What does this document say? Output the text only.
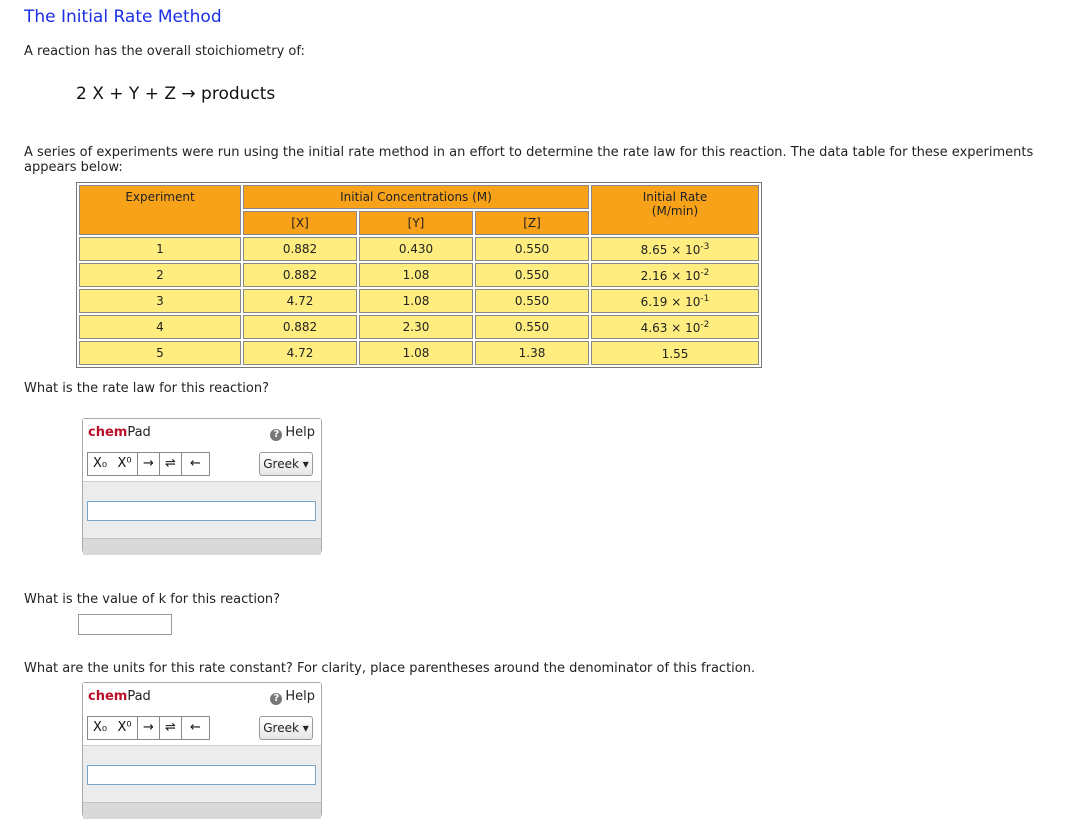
The Initial Rate Method
A reaction has the overall stoichiometry of:
2 X + Y + Z → products
A series of experiments were run using the initial rate method in an effort to determine the rate law for this reaction. The data table for these experiments appears below:
Experiment	Initial Concentrations (M)			Initial Rate
(M/min)

	[X]	[Y]	[Z]	
1	0.882	0.430	0.550	$8.65 \times 10^{-3}$
2	0.882	1.08	0.550	$2.16 \times 10^{-2}$
3	4.72	1.08	0.550	$6.19 \times 10^{-1}$
4	0.882	2.30	0.550	$4.63 \times 10^{-2}$
5	4.72	1.08	1.38	1.55
What is the rate law for this reaction?
chemPad	? Help
X₀ X⁰ → ⇌	←	Greek ▾
What is the value of k for this reaction?
What are the units for this rate constant? For clarity, place parentheses around the denominator of this fraction.
chemPad	? Help
X₀ X⁰ → ⇌	←	Greek ▾
